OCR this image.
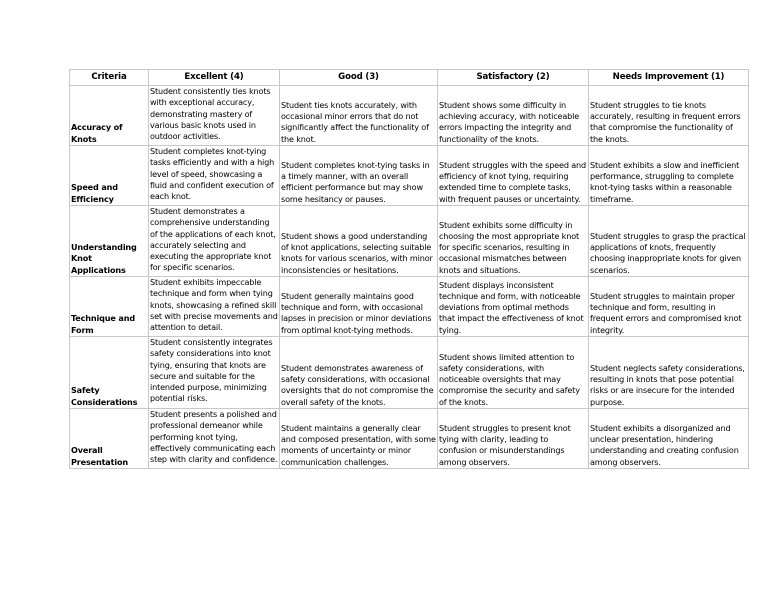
Criteria	Excellent (4)	Good (3)	Satisfactory (2)	Needs Improvement (1)
Accuracy of Knots	Student consistently ties knots with exceptional accuracy, demonstrating mastery of various basic knots used in outdoor activities.	Student ties knots accurately, with occasional minor errors that do not significantly affect the functionality of the knot.	Student shows some difficulty in achieving accuracy, with noticeable errors impacting the integrity and functionality of the knots.	Student struggles to tie knots accurately, resulting in frequent errors that compromise the functionality of the knots.
Speed and Efficiency	Student completes knot-tying tasks efficiently and with a high level of speed, showcasing a fluid and confident execution of each knot.	Student completes knot-tying tasks in a timely manner, with an overall efficient performance but may show some hesitancy or pauses.	Student struggles with the speed and efficiency of knot tying, requiring extended time to complete tasks, with frequent pauses or uncertainty.	Student exhibits a slow and inefficient performance, struggling to complete knot-tying tasks within a reasonable timeframe.
Understanding Knot Applications	Student demonstrates a comprehensive understanding of the applications of each knot, accurately selecting and executing the appropriate knot for specific scenarios.	Student shows a good understanding of knot applications, selecting suitable knots for various scenarios, with minor inconsistencies or hesitations.	Student exhibits some difficulty in choosing the most appropriate knot for specific scenarios, resulting in occasional mismatches between knots and situations.	Student struggles to grasp the practical applications of knots, frequently choosing inappropriate knots for given scenarios.
Technique and Form	Student exhibits impeccable technique and form when tying knots, showcasing a refined skill set with precise movements and attention to detail.	Student generally maintains good technique and form, with occasional lapses in precision or minor deviations from optimal knot-tying methods.	Student displays inconsistent technique and form, with noticeable deviations from optimal methods that impact the effectiveness of knot tying.	Student struggles to maintain proper technique and form, resulting in frequent errors and compromised knot integrity.
Safety Considerations	Student consistently integrates safety considerations into knot tying, ensuring that knots are secure and suitable for the intended purpose, minimizing potential risks.	Student demonstrates awareness of safety considerations, with occasional oversights that do not compromise the overall safety of the knots.	Student shows limited attention to safety considerations, with noticeable oversights that may compromise the security and safety of the knots.	Student neglects safety considerations, resulting in knots that pose potential risks or are insecure for the intended purpose.
Overall Presentation	Student presents a polished and professional demeanor while performing knot tying, effectively communicating each step with clarity and confidence.	Student maintains a generally clear and composed presentation, with some moments of uncertainty or minor communication challenges.	Student struggles to present knot tying with clarity, leading to confusion or misunderstandings among observers.	Student exhibits a disorganized and unclear presentation, hindering understanding and creating confusion among observers.
